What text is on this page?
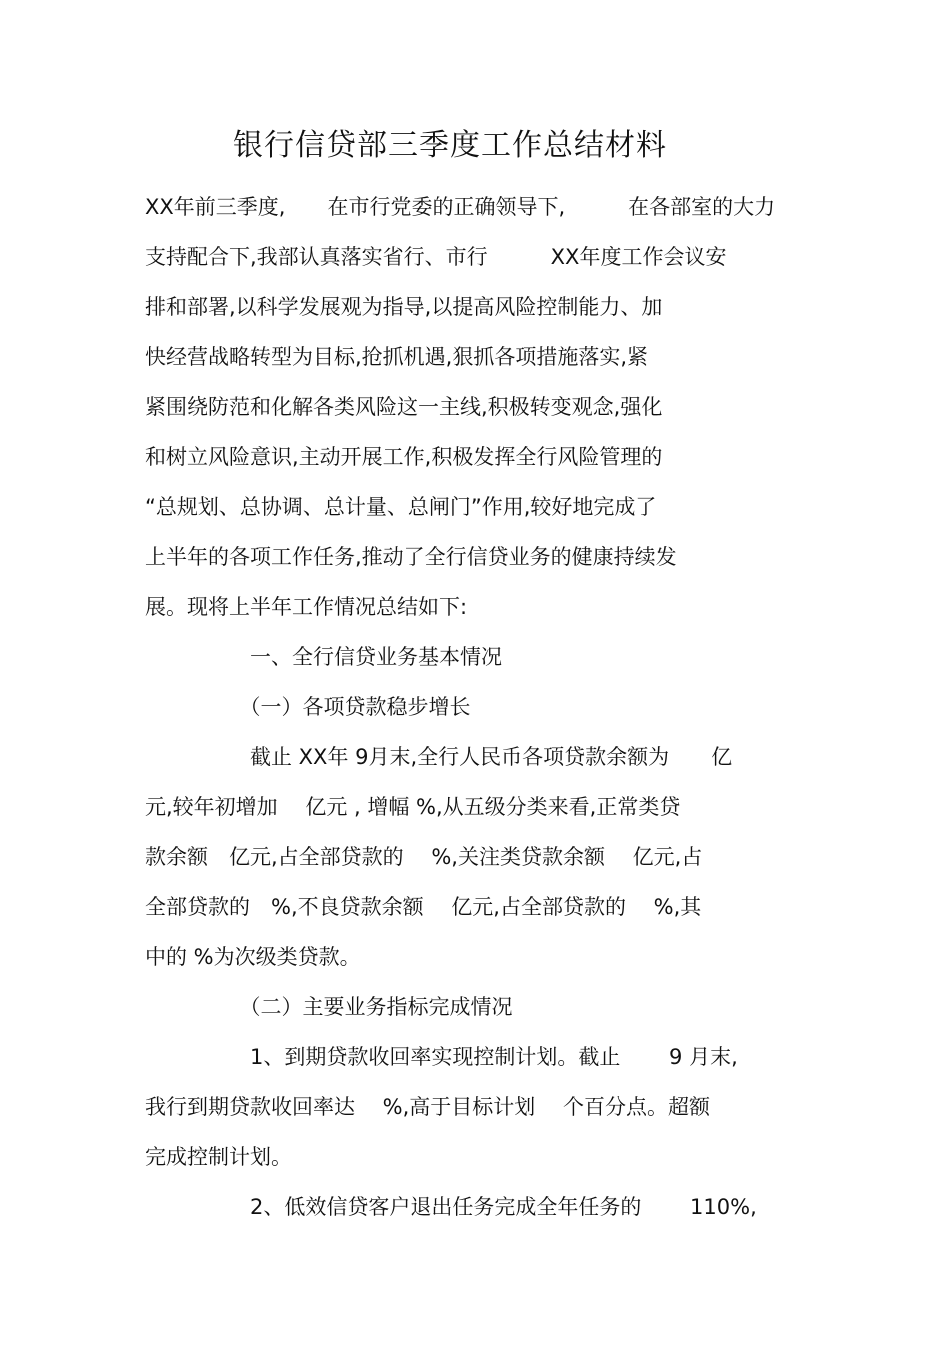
银行信贷部三季度工作总结材料
XX年前三季度,　　在市行党委的正确领导下,　　　在各部室的大力
支持配合下,我部认真落实省行、市行　　　XX年度工作会议安
排和部署,以科学发展观为指导,以提高风险控制能力、加
快经营战略转型为目标,抢抓机遇,狠抓各项措施落实,紧
紧围绕防范和化解各类风险这一主线,积极转变观念,强化
和树立风险意识,主动开展工作,积极发挥全行风险管理的
“总规划、总协调、总计量、总闸门”作用,较好地完成了
上半年的各项工作任务,推动了全行信贷业务的健康持续发
展。现将上半年工作情况总结如下:
　　　　　一、全行信贷业务基本情况
　　　　　（一）各项贷款稳步增长
　　　　　截止 XX年 9月末,全行人民币各项贷款余额为　　亿
元,较年初增加　 亿元 , 增幅 %,从五级分类来看,正常类贷
款余额　亿元,占全部贷款的　 %,关注类贷款余额　 亿元,占
全部贷款的　%,不良贷款余额　 亿元,占全部贷款的　 %,其
中的 %为次级类贷款。
　　　　　（二）主要业务指标完成情况
　　　　　1、到期贷款收回率实现控制计划。截止　　 9 月末,
我行到期贷款收回率达　 %,高于目标计划　 个百分点。超额
完成控制计划。
　　　　　2、低效信贷客户退出任务完成全年任务的　　 110%,
